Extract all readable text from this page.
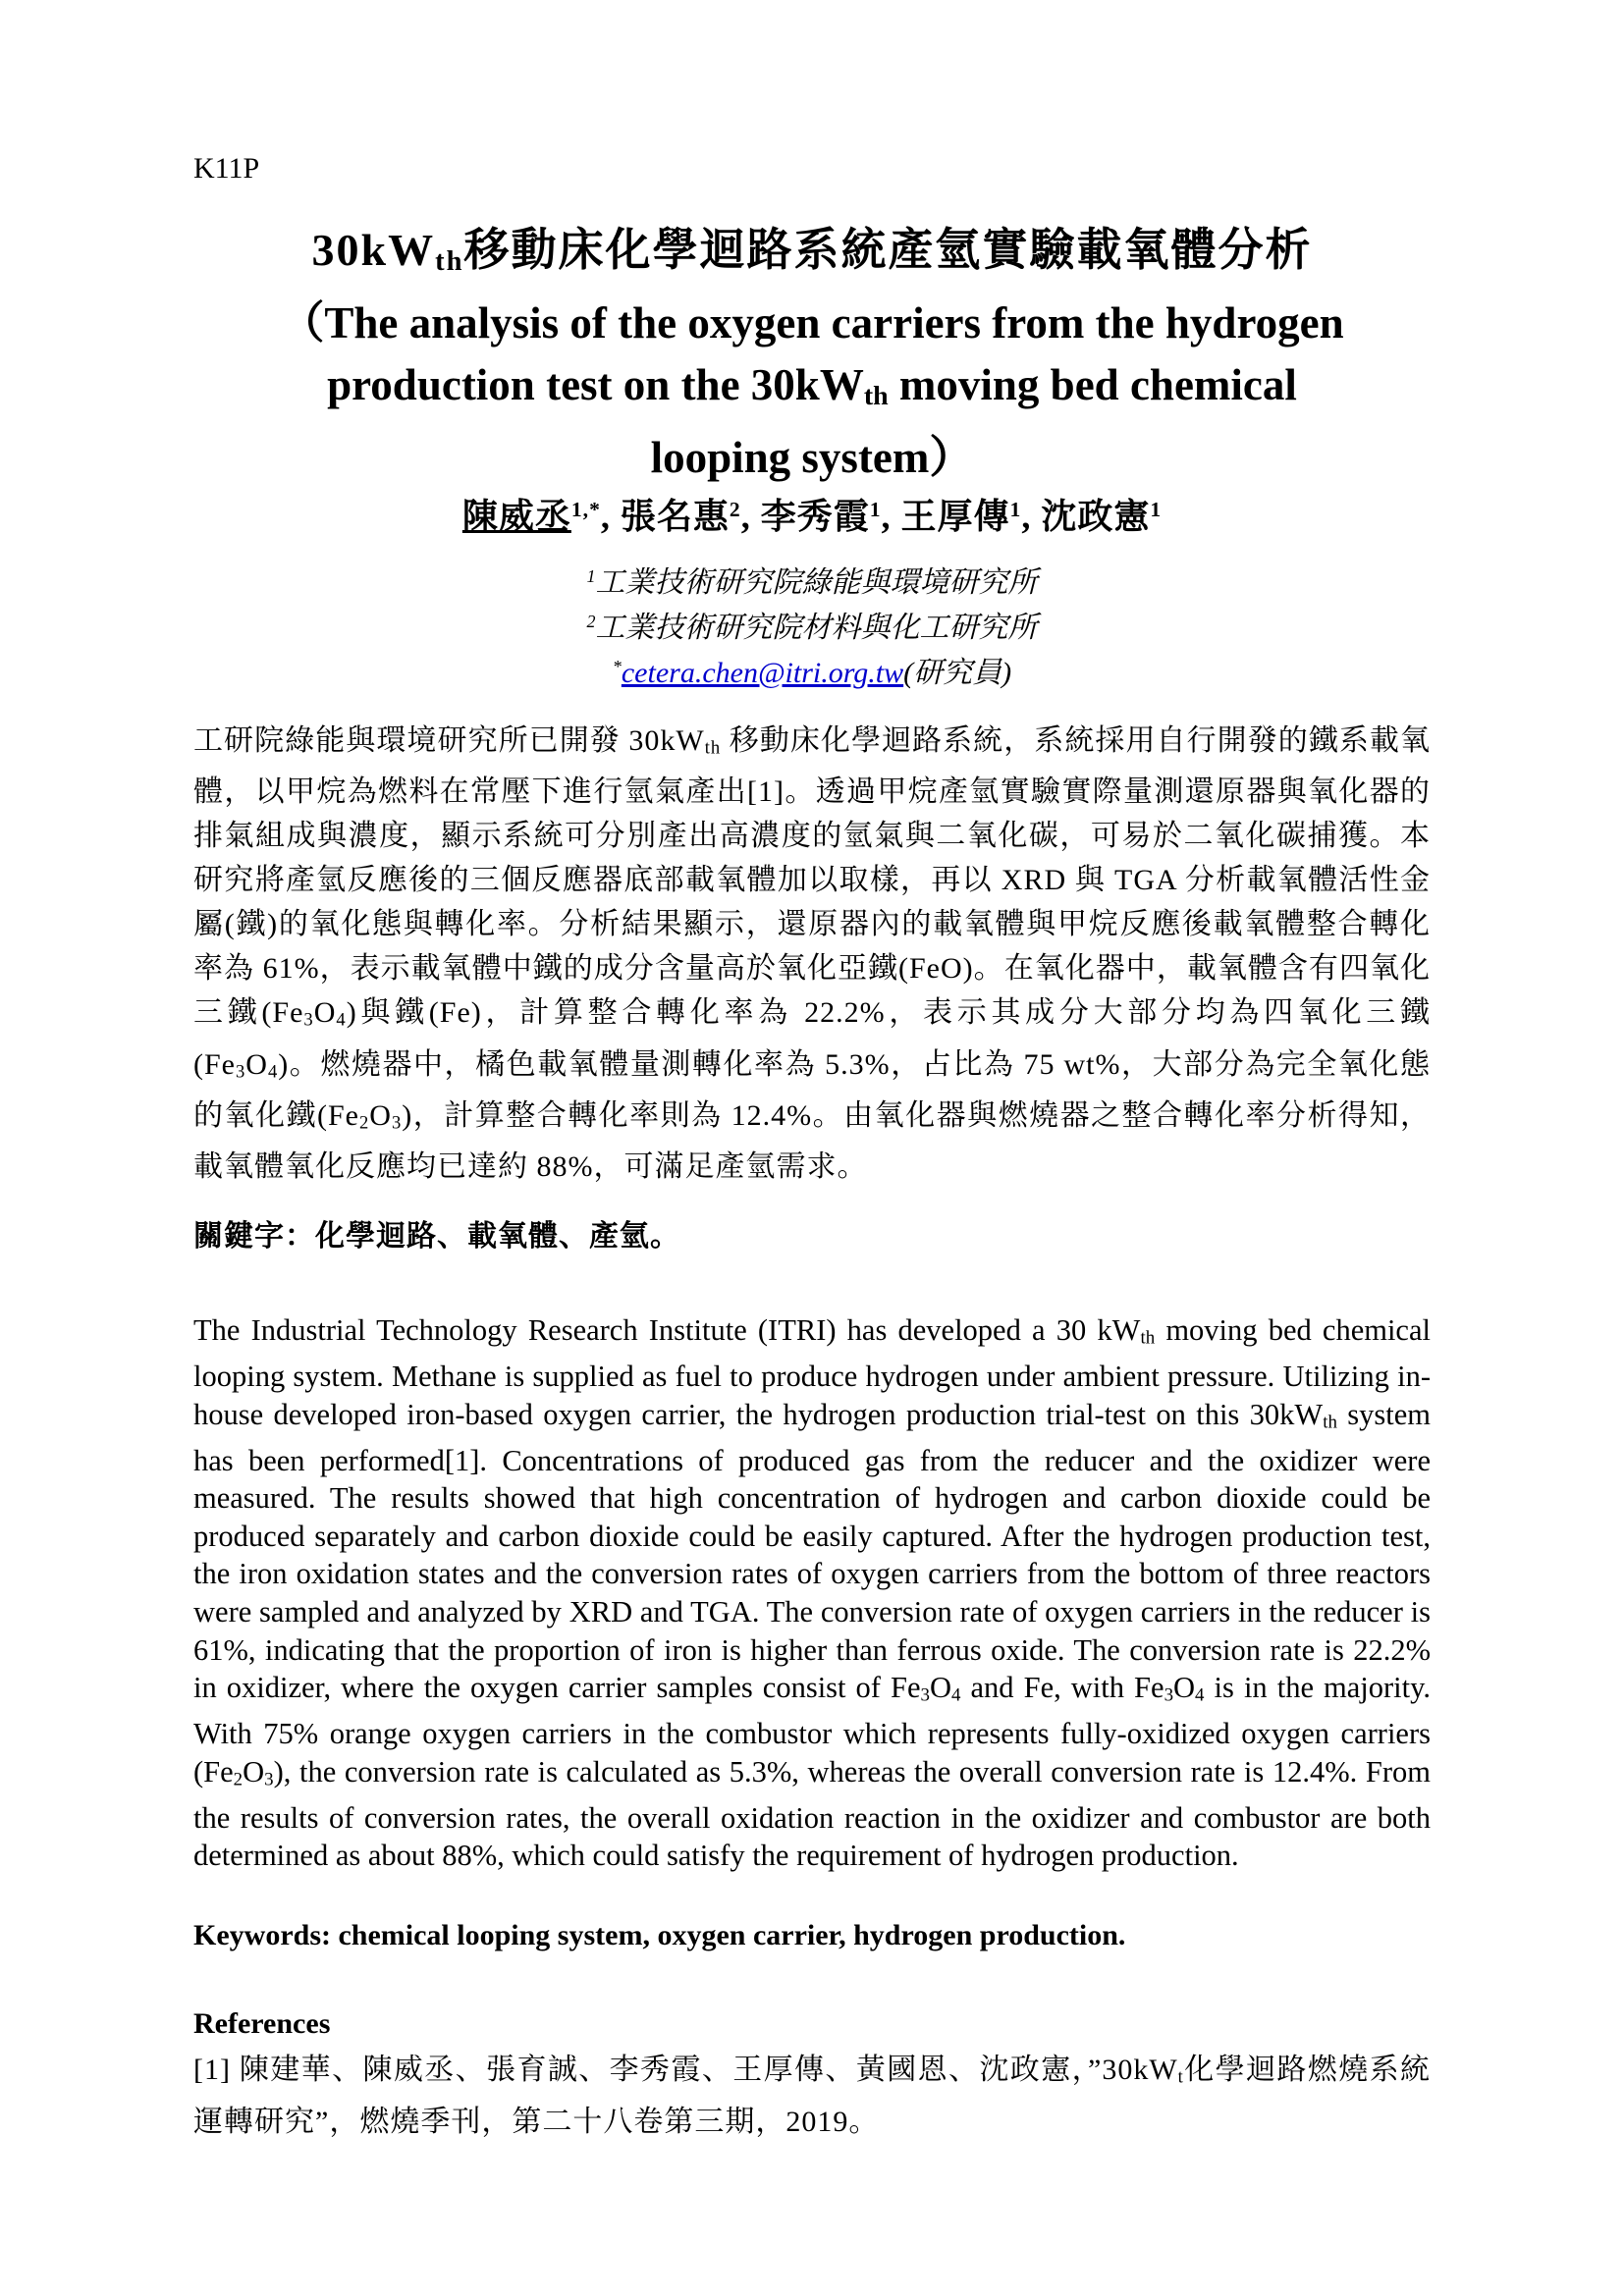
K11P
30kWth移動床化學迴路系統產氫實驗載氧體分析
（The analysis of the oxygen carriers from the hydrogen
production test on the 30kWth moving bed chemical
looping system）
陳威丞$^{1,*}$, 張名惠$^2$, 李秀霞$^1$, 王厚傳$^1$, 沈政憲$^1$
$^1$工業技術研究院綠能與環境研究所
$^2$工業技術研究院材料與化工研究所
*cetera.chen@itri.org.tw(研究員)
工研院綠能與環境研究所已開發 30kWth 移動床化學迴路系統，系統採用自行開發的鐵系載氧體，以甲烷為燃料在常壓下進行氫氣產出[1]。透過甲烷產氫實驗實際量測還原器與氧化器的排氣組成與濃度，顯示系統可分別產出高濃度的氫氣與二氧化碳，可易於二氧化碳捕獲。本研究將產氫反應後的三個反應器底部載氧體加以取樣，再以 XRD 與 TGA 分析載氧體活性金屬(鐵)的氧化態與轉化率。分析結果顯示，還原器內的載氧體與甲烷反應後載氧體整合轉化率為 61%，表示載氧體中鐵的成分含量高於氧化亞鐵(FeO)。在氧化器中，載氧體含有四氧化三鐵(Fe3O4)與鐵(Fe)，計算整合轉化率為 22.2%，表示其成分大部分均為四氧化三鐵(Fe3O4)。燃燒器中，橘色載氧體量測轉化率為 5.3%，占比為 75 wt%，大部分為完全氧化態的氧化鐵(Fe2O3)，計算整合轉化率則為 12.4%。由氧化器與燃燒器之整合轉化率分析得知，載氧體氧化反應均已達約 88%，可滿足產氫需求。
關鍵字：化學迴路、載氧體、產氫。
The Industrial Technology Research Institute (ITRI) has developed a 30 kWth moving bed chemical looping system. Methane is supplied as fuel to produce hydrogen under ambient pressure. Utilizing in-house developed iron-based oxygen carrier, the hydrogen production trial-test on this 30kWth system has been performed[1]. Concentrations of produced gas from the reducer and the oxidizer were measured. The results showed that high concentration of hydrogen and carbon dioxide could be produced separately and carbon dioxide could be easily captured. After the hydrogen production test, the iron oxidation states and the conversion rates of oxygen carriers from the bottom of three reactors were sampled and analyzed by XRD and TGA. The conversion rate of oxygen carriers in the reducer is 61%, indicating that the proportion of iron is higher than ferrous oxide. The conversion rate is 22.2% in oxidizer, where the oxygen carrier samples consist of Fe3O4 and Fe, with Fe3O4 is in the majority. With 75% orange oxygen carriers in the combustor which represents fully-oxidized oxygen carriers (Fe2O3), the conversion rate is calculated as 5.3%, whereas the overall conversion rate is 12.4%. From the results of conversion rates, the overall oxidation reaction in the oxidizer and combustor are both determined as about 88%, which could satisfy the requirement of hydrogen production.
Keywords: chemical looping system, oxygen carrier, hydrogen production.
References
[1] 陳建華、陳威丞、張育誠、李秀霞、王厚傳、黃國恩、沈政憲，”30kWt化學迴路燃燒系統運轉研究”，燃燒季刊，第二十八卷第三期，2019。
